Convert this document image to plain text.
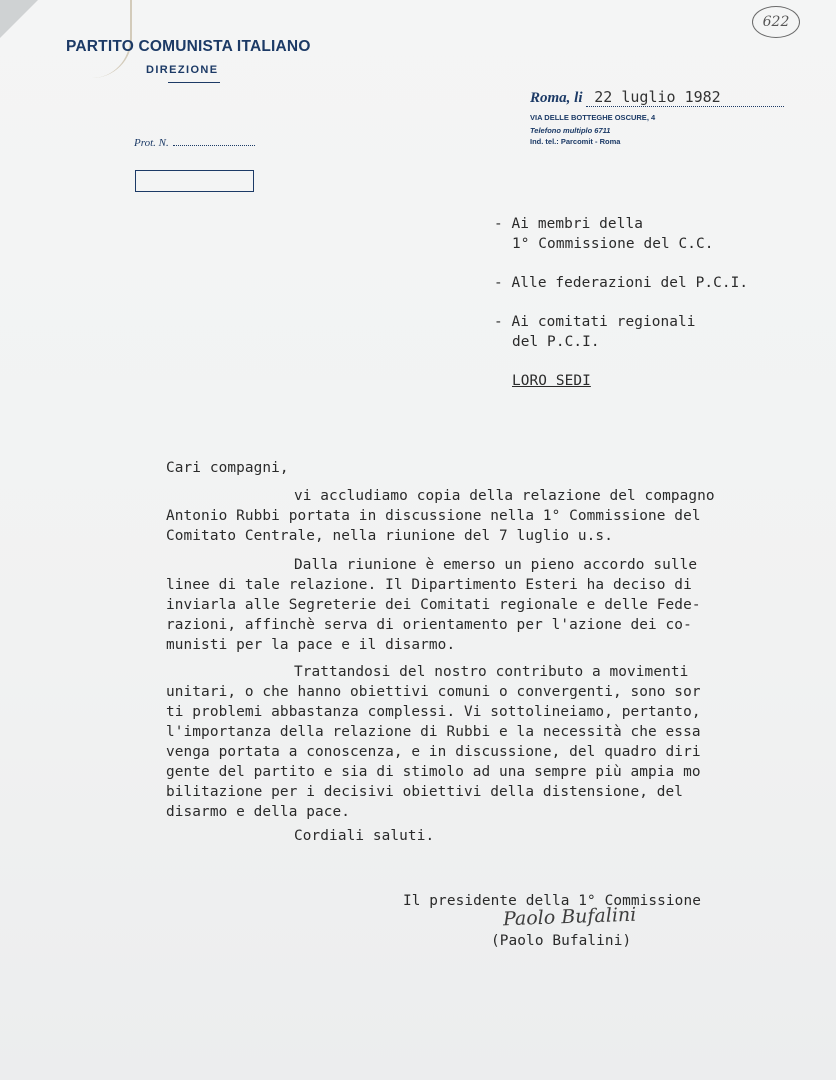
622
PARTITO COMUNISTA ITALIANO
DIREZIONE
Prot. N.
Roma, li 22 luglio 1982
VIA DELLE BOTTEGHE OSCURE, 4
Telefono multiplo 6711
Ind. tel.: Parcomit - Roma
- Ai membri della
1° Commissione del C.C.
- Alle federazioni del P.C.I.
- Ai comitati regionali
del P.C.I.
LORO SEDI
Cari compagni,
vi accludiamo copia della relazione del compagno
Antonio Rubbi portata in discussione nella 1° Commissione del
Comitato Centrale, nella riunione del 7 luglio u.s.
Dalla riunione è emerso un pieno accordo sulle
linee di tale relazione. Il Dipartimento Esteri ha deciso di
inviarla alle Segreterie dei Comitati regionale e delle Fede-
razioni, affinchè serva di orientamento per l'azione dei co-
munisti per la pace e il disarmo.
Trattandosi del nostro contributo a movimenti
unitari, o che hanno obiettivi comuni o convergenti, sono sor
ti problemi abbastanza complessi. Vi sottolineiamo, pertanto,
l'importanza della relazione di Rubbi e la necessità che essa
venga portata a conoscenza, e in discussione, del quadro diri
gente del partito e sia di stimolo ad una sempre più ampia mo
bilitazione per i decisivi obiettivi della distensione, del
disarmo e della pace.
Cordiali saluti.
Il presidente della 1° Commissione
Paolo Bufalini
(Paolo Bufalini)
